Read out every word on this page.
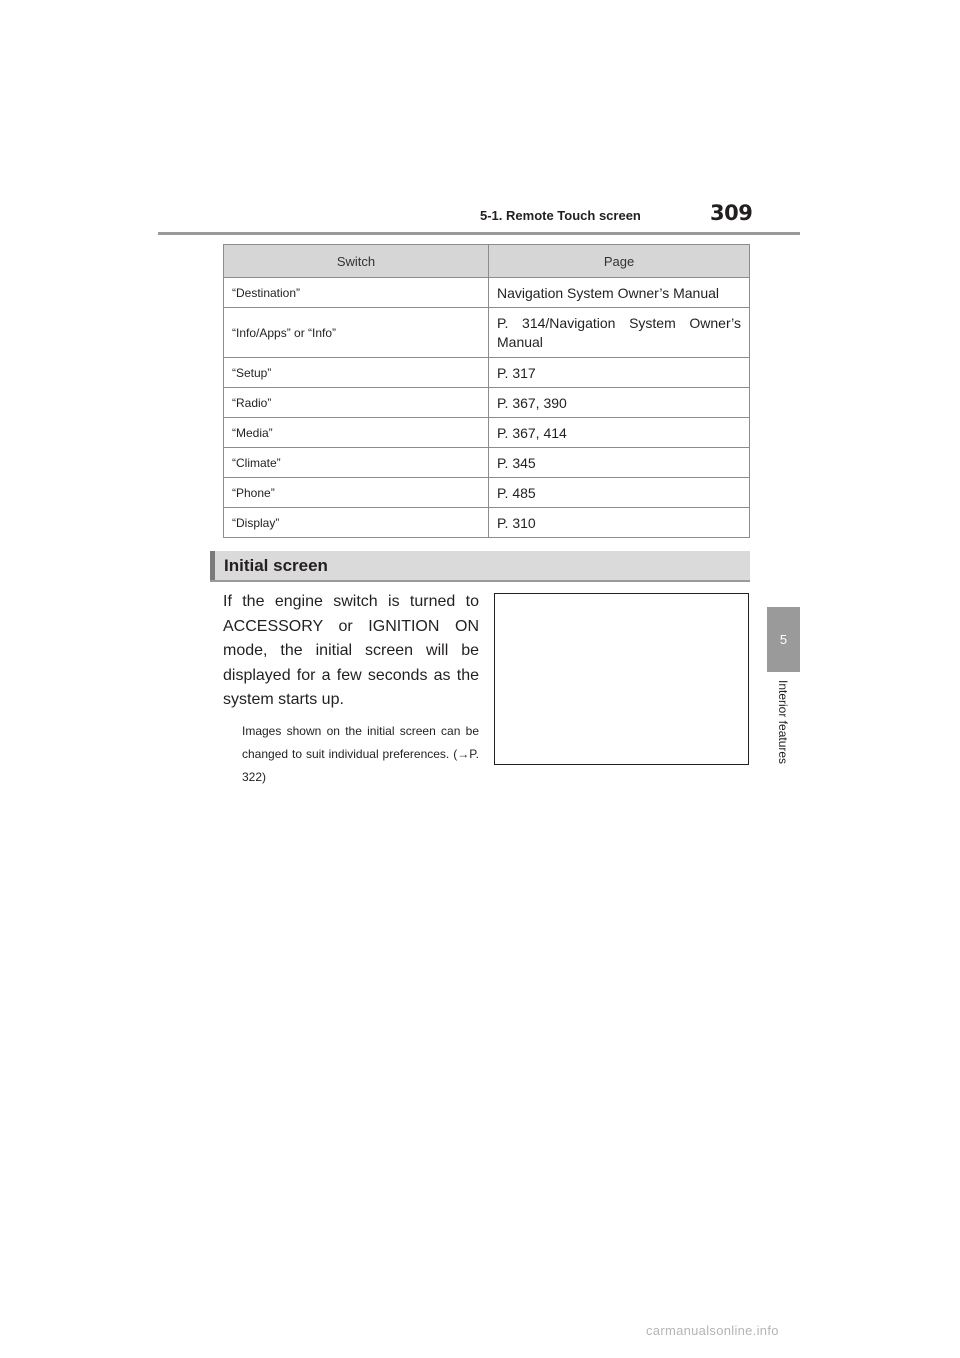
5-1. Remote Touch screen	309
5
Interior features
Switch	Page
“Destination”	Navigation System Owner’s Manual
“Info/Apps” or “Info”	P. 314/Navigation System Owner’s Manual
“Setup”	P. 317
“Radio”	P. 367, 390
“Media”	P. 367, 414
“Climate”	P. 345
“Phone”	P. 485
“Display”	P. 310
Initial screen
If the engine switch is turned to ACCESSORY or IGNITION ON mode, the initial screen will be displayed for a few seconds as the system starts up.
Images shown on the initial screen can be changed to suit individual preferences. (→P. 322)
carmanualsonline.info
